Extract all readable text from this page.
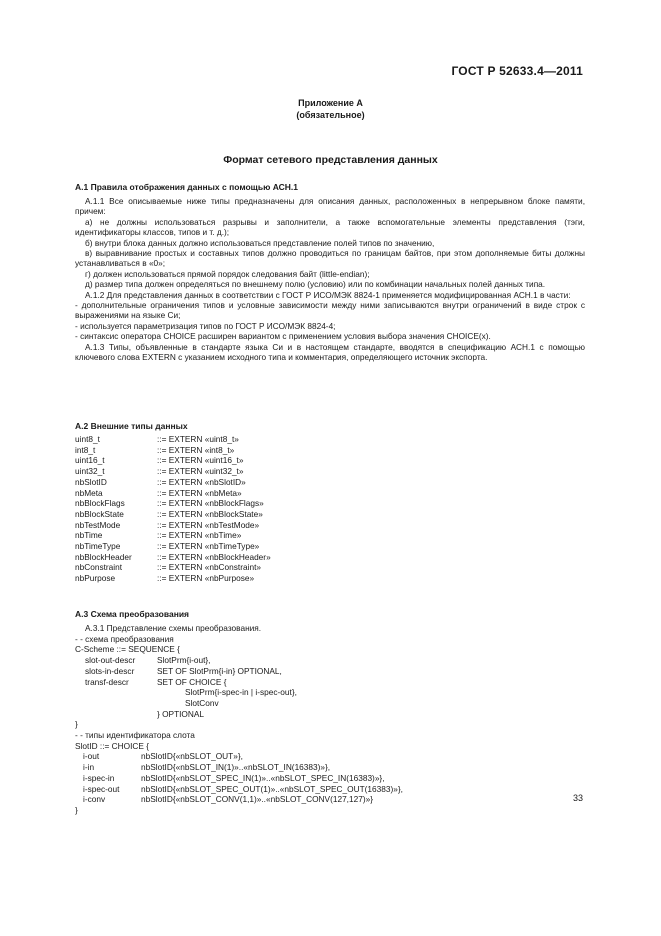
ГОСТ Р 52633.4—2011
Приложение А
(обязательное)
Формат сетевого представления данных
А.1 Правила отображения данных с помощью АСН.1

А.1.1 Все описываемые ниже типы предназначены для описания данных, расположенных в непрерывном блоке памяти, причем:

а) не должны использоваться разрывы и заполнители, а также вспомогательные элементы представления (тэги, идентификаторы классов, типов и т. д.);

б) внутри блока данных должно использоваться представление полей типов по значению,

в) выравнивание простых и составных типов должно проводиться по границам байтов, при этом дополняемые биты должны устанавливаться в «0»;

г) должен использоваться прямой порядок следования байт (little-endian);

д) размер типа должен определяться по внешнему полю (условию) или по комбинации начальных полей данных типа.

А.1.2 Для представления данных в соответствии с ГОСТ Р ИСО/МЭК 8824-1 применяется модифицированная АСН.1 в части:

- дополнительные ограничения типов и условные зависимости между ними записываются внутри ограничений в виде строк с выражениями на языке Си;

- используется параметризация типов по ГОСТ Р ИСО/МЭК 8824-4;

- синтаксис оператора CHOICE расширен вариантом с применением условия выбора значения CHOICE(x).

А.1.3 Типы, объявленные в стандарте языка Си и в настоящем стандарте, вводятся в спецификацию АСН.1 с помощью ключевого слова EXTERN с указанием исходного типа и комментария, определяющего источник экспорта.

А.2 Внешние типы данных
uint8_t	::= EXTERN «uint8_t»
int8_t	::= EXTERN «int8_t»
uint16_t	::= EXTERN «uint16_t»
uint32_t	::= EXTERN «uint32_t»
nbSlotID	::= EXTERN «nbSlotID»
nbMeta	::= EXTERN «nbMeta»
nbBlockFlags	::= EXTERN «nbBlockFlags»
nbBlockState	::= EXTERN «nbBlockState»
nbTestMode	::= EXTERN «nbTestMode»
nbTime	::= EXTERN «nbTime»
nbTimeType	::= EXTERN «nbTimeType»
nbBlockHeader	::= EXTERN «nbBlockHeader»
nbConstraint	::= EXTERN «nbConstraint»
nbPurpose	::= EXTERN «nbPurpose»
А.3 Схема преобразования
А.3.1 Представление схемы преобразования.
- - схема преобразования
C-Scheme ::= SEQUENCE {
slot-out-descr	SlotPrm{i-out},
slots-in-descr	SET OF SlotPrm{i-in} OPTIONAL,
transf-descr	SET OF CHOICE {
SlotPrm{i-spec-in | i-spec-out},
SlotConv
} OPTIONAL
}
- - типы идентификатора слота
SlotID ::= CHOICE {
i-out	nbSlotID{«nbSLOT_OUT»},
i-in	nbSlotID{«nbSLOT_IN(1)»..«nbSLOT_IN(16383)»},
i-spec-in	nbSlotID{«nbSLOT_SPEC_IN(1)»..«nbSLOT_SPEC_IN(16383)»},
i-spec-out	nbSlotID{«nbSLOT_SPEC_OUT(1)»..«nbSLOT_SPEC_OUT(16383)»},
i-conv	nbSlotID{«nbSLOT_CONV(1,1)»..«nbSLOT_CONV(127,127)»}
}
33
